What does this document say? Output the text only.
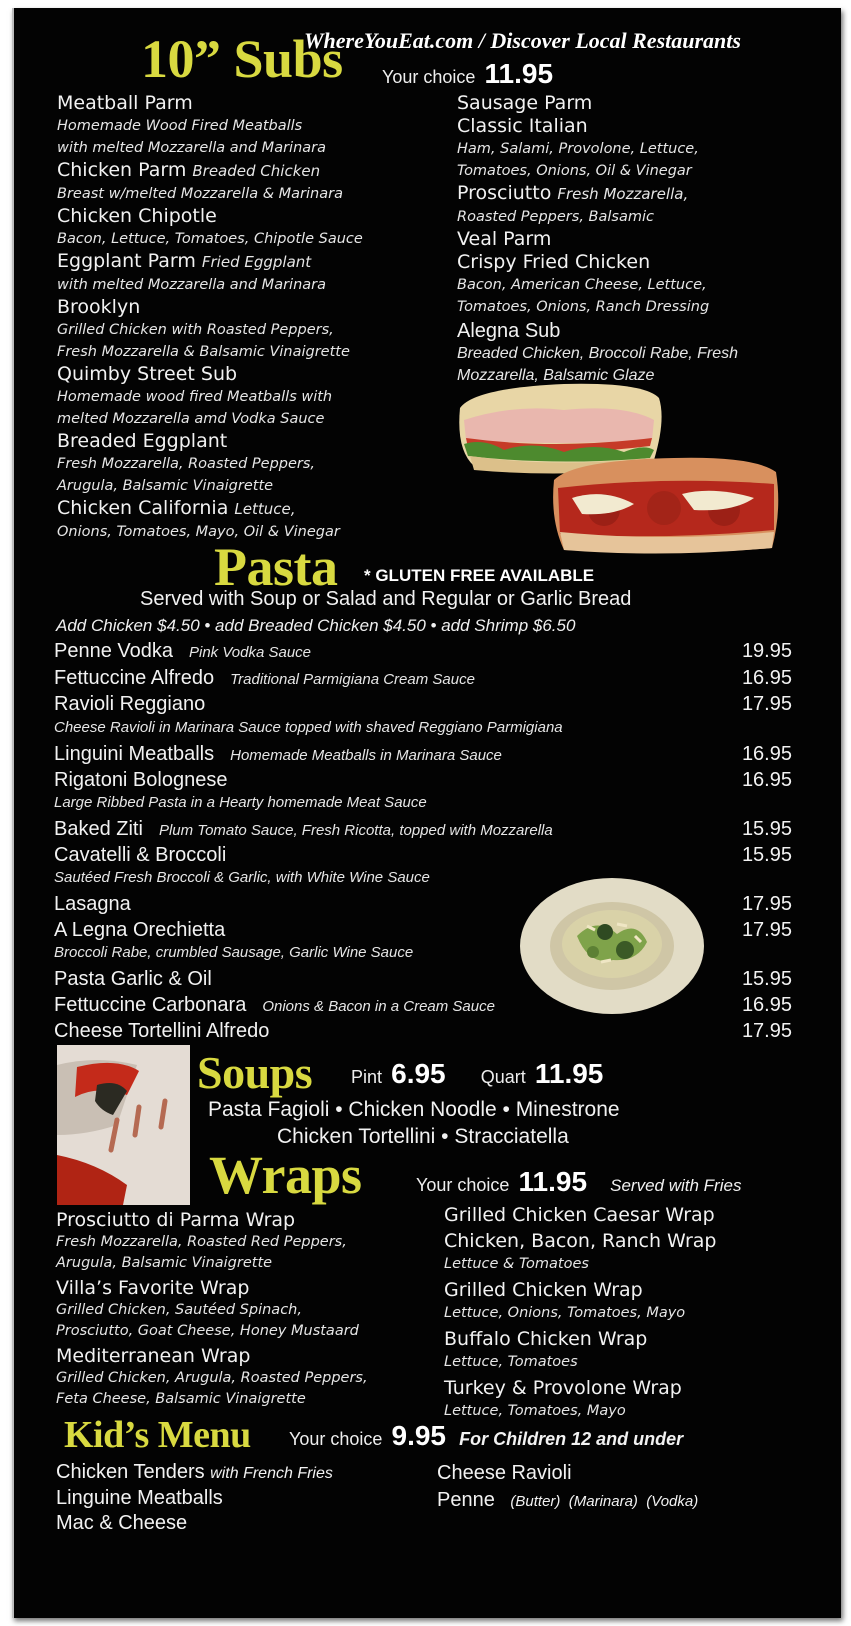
10” Subs
WhereYouEat.com / Discover Local Restaurants
Your choice 11.95
Meatball Parm
Homemade Wood Fired Meatballs
with melted Mozzarella and Marinara
Chicken Parm Breaded Chicken
Breast w/melted Mozzarella & Marinara
Chicken Chipotle
Bacon, Lettuce, Tomatoes, Chipotle Sauce
Eggplant Parm Fried Eggplant
with melted Mozzarella and Marinara
Brooklyn
Grilled Chicken with Roasted Peppers,
Fresh Mozzarella & Balsamic Vinaigrette
Quimby Street Sub
Homemade wood fired Meatballs with
melted Mozzarella amd Vodka Sauce
Breaded Eggplant
Fresh Mozzarella, Roasted Peppers,
Arugula, Balsamic Vinaigrette
Chicken California Lettuce,
Onions, Tomatoes, Mayo, Oil & Vinegar
Sausage Parm
Classic Italian
Ham, Salami, Provolone, Lettuce,
Tomatoes, Onions, Oil & Vinegar
Prosciutto Fresh Mozzarella,
Roasted Peppers, Balsamic
Veal Parm
Crispy Fried Chicken
Bacon, American Cheese, Lettuce,
Tomatoes, Onions, Ranch Dressing
Alegna Sub
Breaded Chicken, Broccoli Rabe, Fresh
Mozzarella, Balsamic Glaze
Pasta * GLUTEN FREE AVAILABLE
Served with Soup or Salad and Regular or Garlic Bread
Add Chicken $4.50 • add Breaded Chicken $4.50 • add Shrimp $6.50
Penne Vodka Pink Vodka Sauce	19.95
Fettuccine Alfredo Traditional Parmigiana Cream Sauce	16.95
Ravioli Reggiano	17.95
Cheese Ravioli in Marinara Sauce topped with shaved Reggiano Parmigiana
Linguini Meatballs Homemade Meatballs in Marinara Sauce	16.95
Rigatoni Bolognese	16.95
Large Ribbed Pasta in a Hearty homemade Meat Sauce
Baked Ziti Plum Tomato Sauce, Fresh Ricotta, topped with Mozzarella	15.95
Cavatelli & Broccoli	15.95
Sautéed Fresh Broccoli & Garlic, with White Wine Sauce
Lasagna	17.95
A Legna Orechietta	17.95
Broccoli Rabe, crumbled Sausage, Garlic Wine Sauce
Pasta Garlic & Oil	15.95
Fettuccine Carbonara Onions & Bacon in a Cream Sauce	16.95
Cheese Tortellini Alfredo	17.95
Soups Pint 6.95 Quart 11.95
Pasta Fagioli • Chicken Noodle • Minestrone
Chicken Tortellini • Stracciatella
Wraps	Your choice 11.95 Served with Fries
Prosciutto di Parma Wrap
Fresh Mozzarella, Roasted Red Peppers,
Arugula, Balsamic Vinaigrette
Villa’s Favorite Wrap
Grilled Chicken, Sautéed Spinach,
Prosciutto, Goat Cheese, Honey Mustaard
Mediterranean Wrap
Grilled Chicken, Arugula, Roasted Peppers,
Feta Cheese, Balsamic Vinaigrette
Grilled Chicken Caesar Wrap
Chicken, Bacon, Ranch Wrap
Lettuce & Tomatoes
Grilled Chicken Wrap
Lettuce, Onions, Tomatoes, Mayo
Buffalo Chicken Wrap
Lettuce, Tomatoes
Turkey & Provolone Wrap
Lettuce, Tomatoes, Mayo
Kid’s Menu Your choice 9.95 For Children 12 and under
Chicken Tenders with French Fries
Linguine Meatballs
Mac & Cheese
Cheese Ravioli
Penne (Butter)  (Marinara)  (Vodka)
